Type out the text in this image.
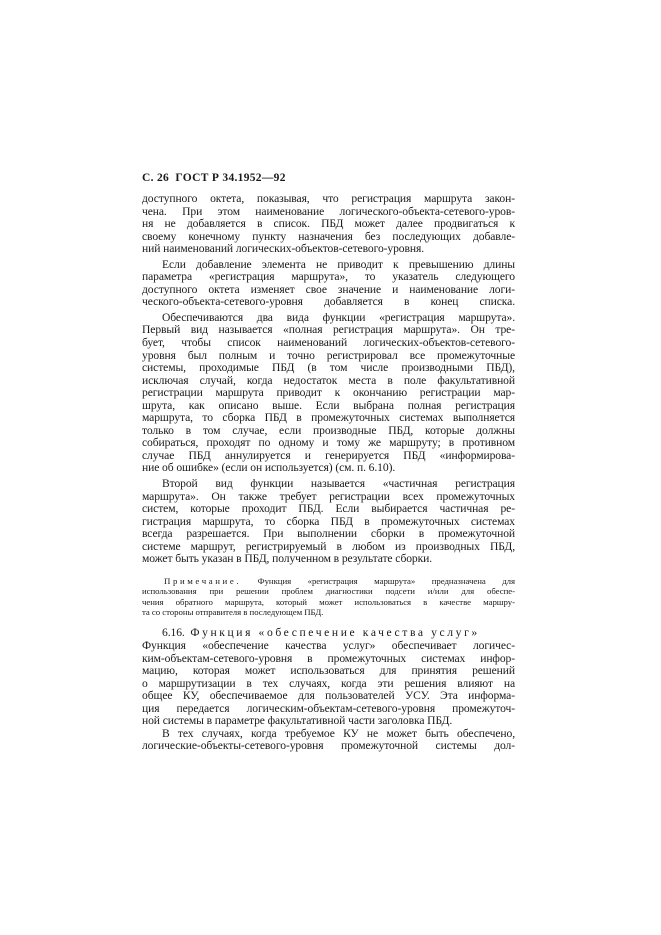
С. 26 ГОСТ Р 34.1952—92
доступного октета, показывая, что регистрация маршрута закон-
чена. При этом наименование логического-объекта-сетевого-уров-
ня не добавляется в список. ПБД может далее продвигаться к
своему конечному пункту назначения без последующих добавле-
ний наименований логических-объектов-сетевого-уровня.
Если добавление элемента не приводит к превышению длины
параметра «регистрация маршрута», то указатель следующего
доступного октета изменяет свое значение и наименование логи-
ческого-объекта-сетевого-уровня добавляется в конец списка.
Обеспечиваются два вида функции «регистрация маршрута».
Первый вид называется «полная регистрация маршрута». Он тре-
бует, чтобы список наименований логических-объектов-сетевого-
уровня был полным и точно регистрировал все промежуточные
системы, проходимые ПБД (в том числе производными ПБД),
исключая случай, когда недостаток места в поле факультативной
регистрации маршрута приводит к окончанию регистрации мар-
шрута, как описано выше. Если выбрана полная регистрация
маршрута, то сборка ПБД в промежуточных системах выполняется
только в том случае, если производные ПБД, которые должны
собираться, проходят по одному и тому же маршруту; в противном
случае ПБД аннулируется и генерируется ПБД «информирова-
ние об ошибке» (если он используется) (см. п. 6.10).
Второй вид функции называется «частичная регистрация
маршрута». Он также требует регистрации всех промежуточных
систем, которые проходит ПБД. Если выбирается частичная ре-
гистрация маршрута, то сборка ПБД в промежуточных системах
всегда разрешается. При выполнении сборки в промежуточной
системе маршрут, регистрируемый в любом из производных ПБД,
может быть указан в ПБД, полученном в результате сборки.
Примечание. Функция «регистрация маршрута» предназначена для
использования при решении проблем диагностики подсети и/или для обеспе-
чения обратного маршрута, который может использоваться в качестве маршру-
та со стороны отправителя в последующем ПБД.
6.16. Функция «обеспечение качества услуг»
Функция «обеспечение качества услуг» обеспечивает логичес-
ким-объектам-сетевого-уровня в промежуточных системах инфор-
мацию, которая может использоваться для принятия решений
о маршрутизации в тех случаях, когда эти решения влияют на
общее КУ, обеспечиваемое для пользователей УСУ. Эта информа-
ция передается логическим-объектам-сетевого-уровня промежуточ-
ной системы в параметре факультативной части заголовка ПБД.
В тех случаях, когда требуемое КУ не может быть обеспечено,
логические-объекты-сетевого-уровня промежуточной системы дол-
